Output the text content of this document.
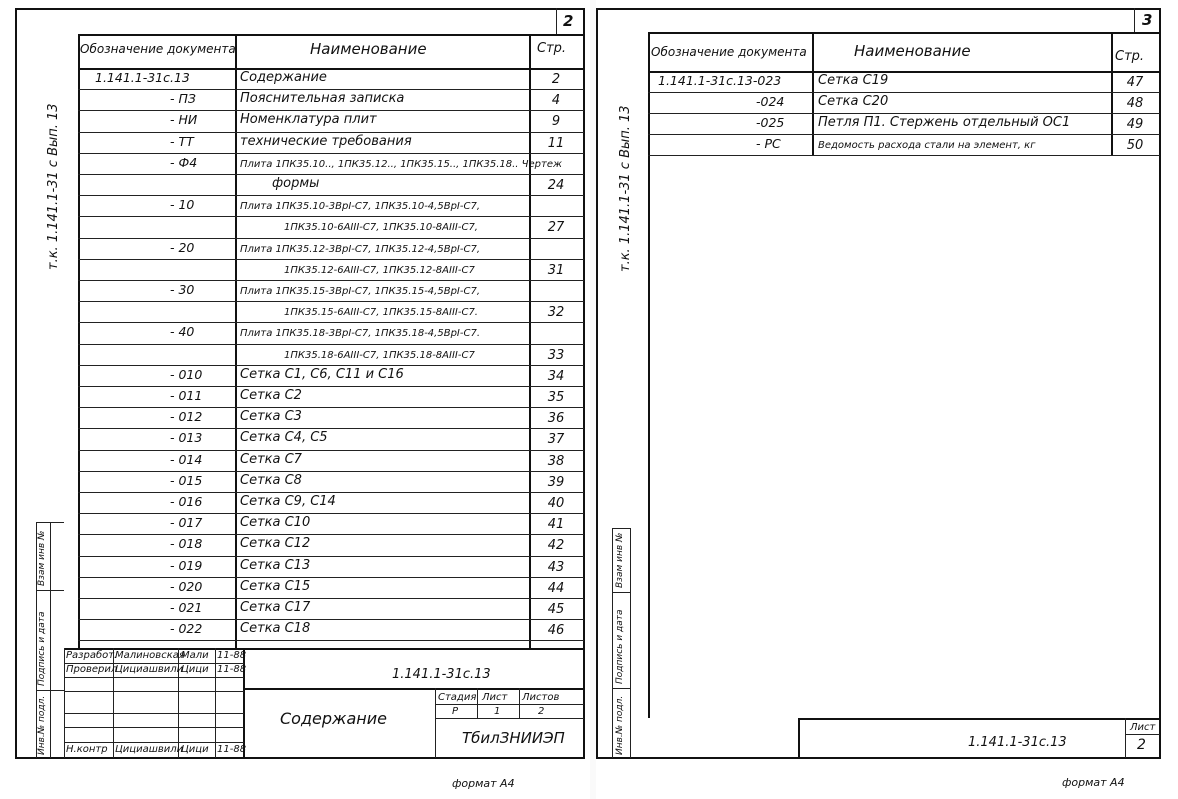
2
т.к. 1.141.1-31 с Вып. 13
Обозначение документа	Наименование	Стр.
1.141.1-31с.13	Содержание	2
- ПЗ	Пояснительная записка	4
- НИ	Номенклатура плит	9
- ТТ	технические требования	11
- Ф4	Плита 1ПК35.10.., 1ПК35.12.., 1ПК35.15.., 1ПК35.18.. Чертеж
формы	24
- 10	Плита 1ПК35.10-3ВрI-С7, 1ПК35.10-4,5ВрI-С7,
1ПК35.10-6АIII-С7, 1ПК35.10-8АIII-С7,	27
- 20	Плита 1ПК35.12-3ВрI-С7, 1ПК35.12-4,5ВрI-С7,
1ПК35.12-6АIII-С7, 1ПК35.12-8АIII-С7	31
- 30	Плита 1ПК35.15-3ВрI-С7, 1ПК35.15-4,5ВрI-С7,
1ПК35.15-6АIII-С7, 1ПК35.15-8АIII-С7.	32
- 40	Плита 1ПК35.18-3ВрI-С7, 1ПК35.18-4,5ВрI-С7.
1ПК35.18-6АIII-С7, 1ПК35.18-8АIII-С7	33
- 010	Сетка С1, С6, С11 и С16	34
- 011	Сетка С2	35
- 012	Сетка С3	36
- 013	Сетка С4, С5	37
- 014	Сетка С7	38
- 015	Сетка С8	39
- 016	Сетка С9, С14	40
- 017	Сетка С10	41
- 018	Сетка С12	42
- 019	Сетка С13	43
- 020	Сетка С15	44
- 021	Сетка С17	45
- 022	Сетка С18	46
Разработ.
Малиновская
Мали 11-88
Проверил
Цициашвили
Цици 11-88
Н.контр Цициашвили
Цици 11-88
1.141.1-31с.13
Содержание
Стадия Лист Листов
Р	1	2
ТбилЗНИИЭП
Инв.№ подл.
Подпись и дата
Взам инв №
формат А4
3
т.к. 1.141.1-31 с Вып. 13
Обозначение документа	Наименование	Стр.
1.141.1-31с.13-023	Сетка С19	47
-024	Сетка С20	48
-025	Петля П1. Стержень отдельный ОС1	49
- РС	Ведомость расхода стали на элемент, кг	50
1.141.1-31с.13
Лист
2
Инв.№ подл.
Подпись и дата
Взам инв №
формат А4
